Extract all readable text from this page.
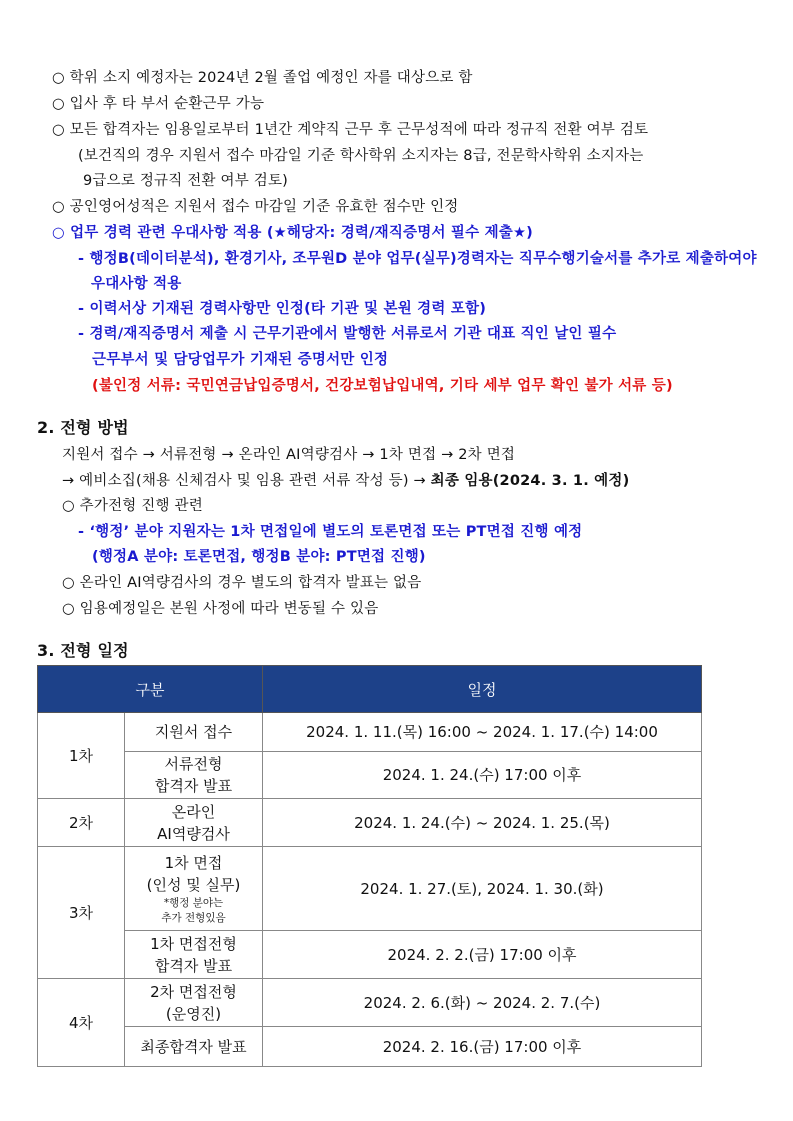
○ 학위 소지 예정자는 2024년 2월 졸업 예정인 자를 대상으로 함
○ 입사 후 타 부서 순환근무 가능
○ 모든 합격자는 임용일로부터 1년간 계약직 근무 후 근무성적에 따라 정규직 전환 여부 검토
(보건직의 경우 지원서 접수 마감일 기준 학사학위 소지자는 8급, 전문학사학위 소지자는
9급으로 정규직 전환 여부 검토)
○ 공인영어성적은 지원서 접수 마감일 기준 유효한 점수만 인정
○ 업무 경력 관련 우대사항 적용 (★해당자: 경력/재직증명서 필수 제출★)
- 행정B(데이터분석), 환경기사, 조무원D 분야 업무(실무)경력자는 직무수행기술서를 추가로 제출하여야
우대사항 적용
- 이력서상 기재된 경력사항만 인정(타 기관 및 본원 경력 포함)
- 경력/재직증명서 제출 시 근무기관에서 발행한 서류로서 기관 대표 직인 날인 필수
근무부서 및 담당업무가 기재된 증명서만 인정
(불인정 서류: 국민연금납입증명서, 건강보험납입내역, 기타 세부 업무 확인 불가 서류 등)
2. 전형 방법
지원서 접수 → 서류전형 → 온라인 AI역량검사 → 1차 면접 → 2차 면접
→ 예비소집(채용 신체검사 및 임용 관련 서류 작성 등) → 최종 임용(2024. 3. 1. 예정)
○ 추가전형 진행 관련
- ‘행정’ 분야 지원자는 1차 면접일에 별도의 토론면접 또는 PT면접 진행 예정
(행정A 분야: 토론면접, 행정B 분야: PT면접 진행)
○ 온라인 AI역량검사의 경우 별도의 합격자 발표는 없음
○ 임용예정일은 본원 사정에 따라 변동될 수 있음
3. 전형 일정
구분		일정
1차	지원서 접수	2024. 1. 11.(목) 16:00 ~ 2024. 1. 17.(수) 14:00
	서류전형
합격자 발표	2024. 1. 24.(수) 17:00 이후
2차	온라인
AI역량검사	2024. 1. 24.(수) ~ 2024. 1. 25.(목)
3차	1차 면접
(인성 및 실무)
*행정 분야는
추가 전형있음	2024. 1. 27.(토), 2024. 1. 30.(화)
	1차 면접전형
합격자 발표	2024. 2. 2.(금) 17:00 이후
4차	2차 면접전형
(운영진)	2024. 2. 6.(화) ~ 2024. 2. 7.(수)
	최종합격자 발표	2024. 2. 16.(금) 17:00 이후
